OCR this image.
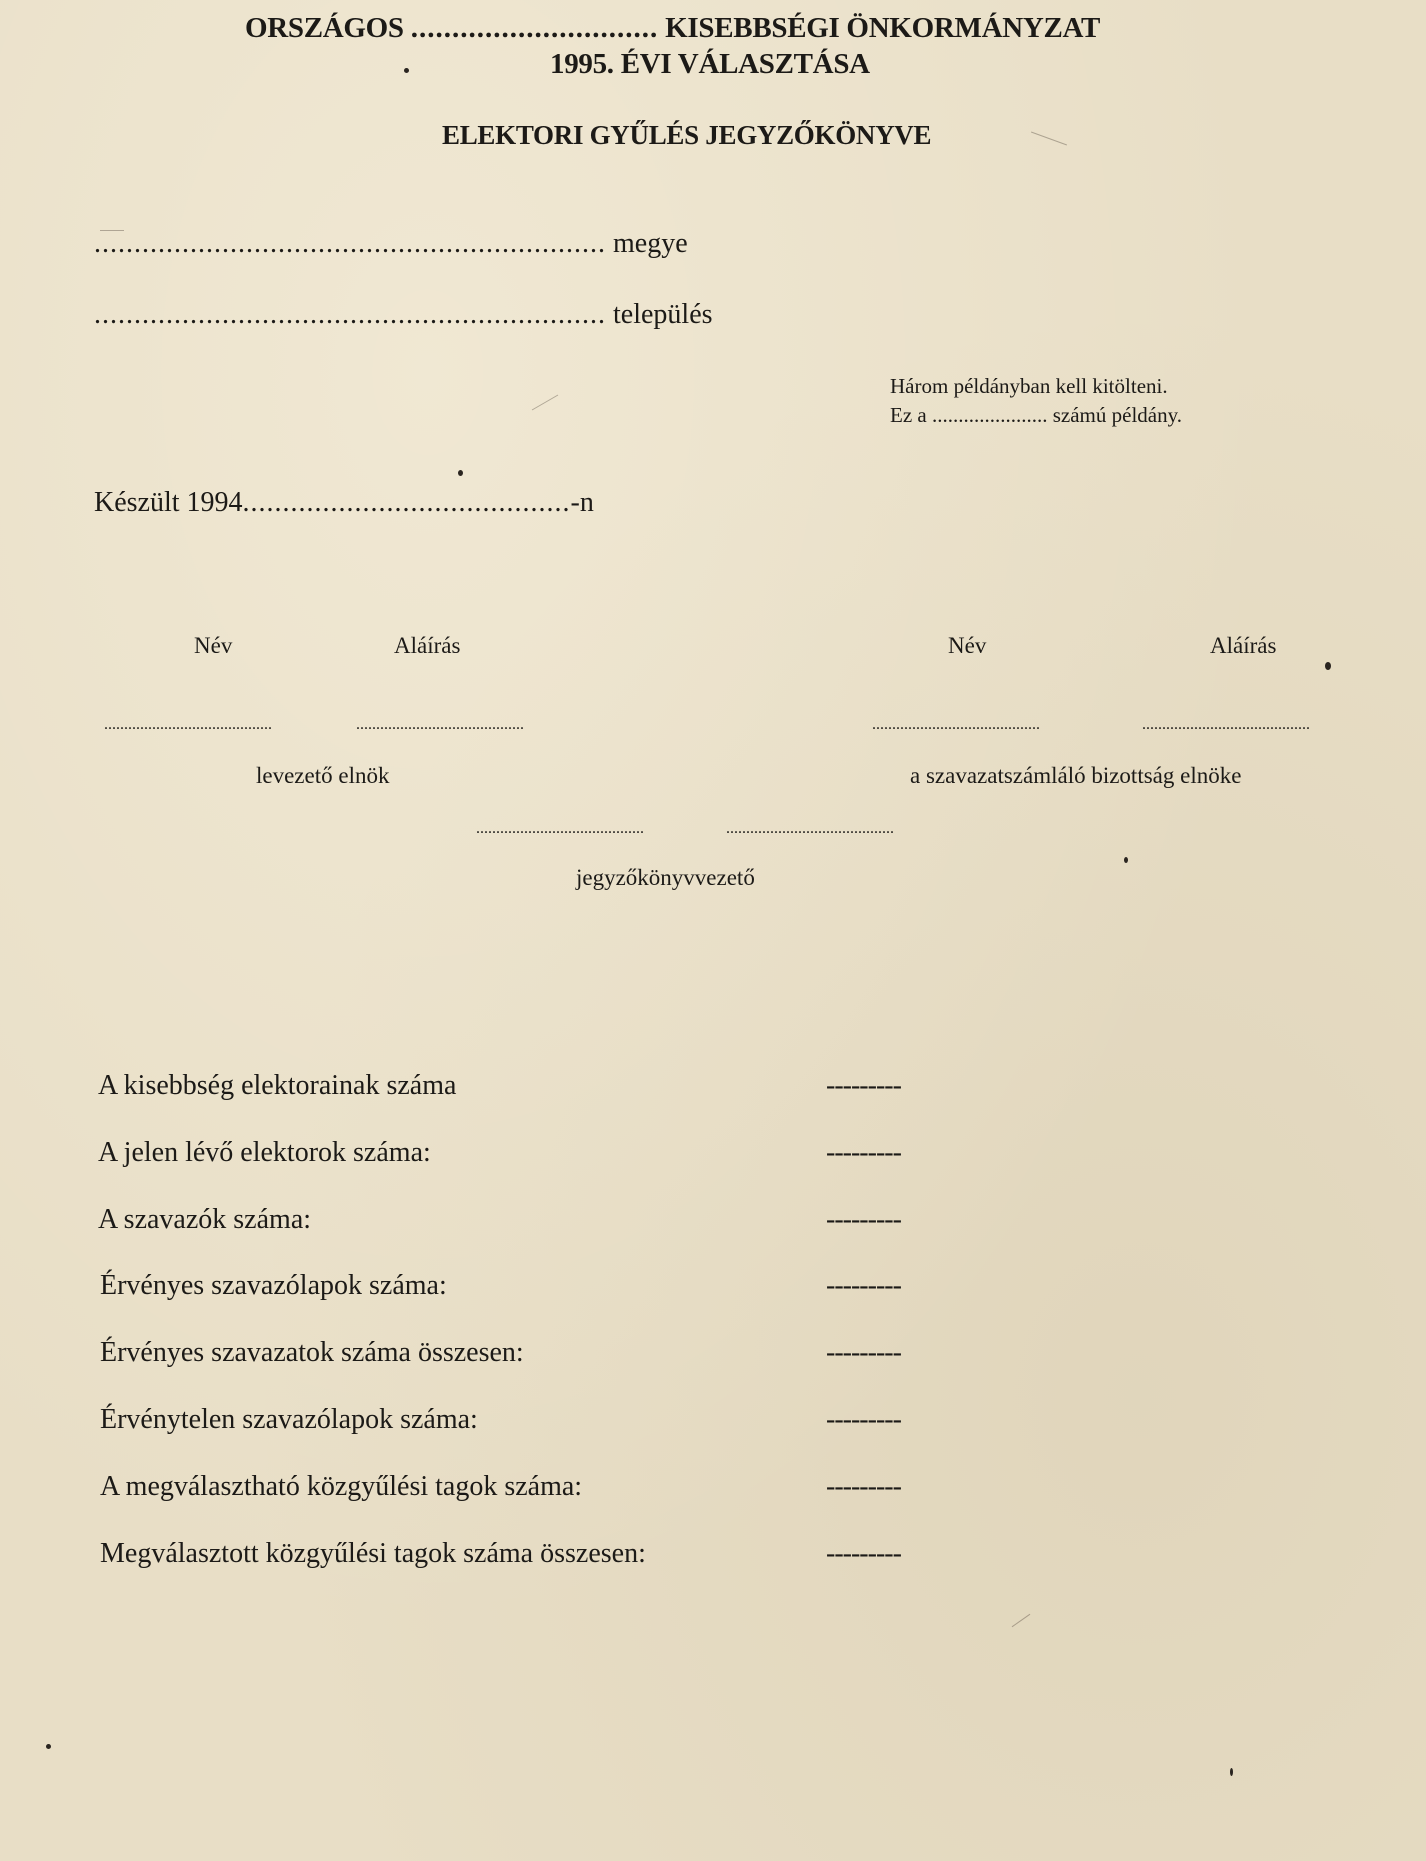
ORSZÁGOS .............................. KISEBBSÉGI ÖNKORMÁNYZAT
1995. ÉVI VÁLASZTÁSA
ELEKTORI GYŰLÉS JEGYZŐKÖNYVE
................................................................ megye
................................................................ település
Három példányban kell kitölteni.
Ez a ...................... számú példány.
Készült 1994.........................................-n
Név	Aláírás	Név	Aláírás
..........................................	..........................................	..........................................	..........................................
levezető elnök	a szavazatszámláló bizottság elnöke
..........................................	..........................................
jegyzőkönyvvezető
A kisebbség elektorainak száma	---------
A jelen lévő elektorok száma:	---------
A szavazók száma:	---------
Érvényes szavazólapok száma:	---------
Érvényes szavazatok száma összesen:	---------
Érvénytelen szavazólapok száma:	---------
A megválasztható közgyűlési tagok száma:	---------
Megválasztott közgyűlési tagok száma összesen:	---------
